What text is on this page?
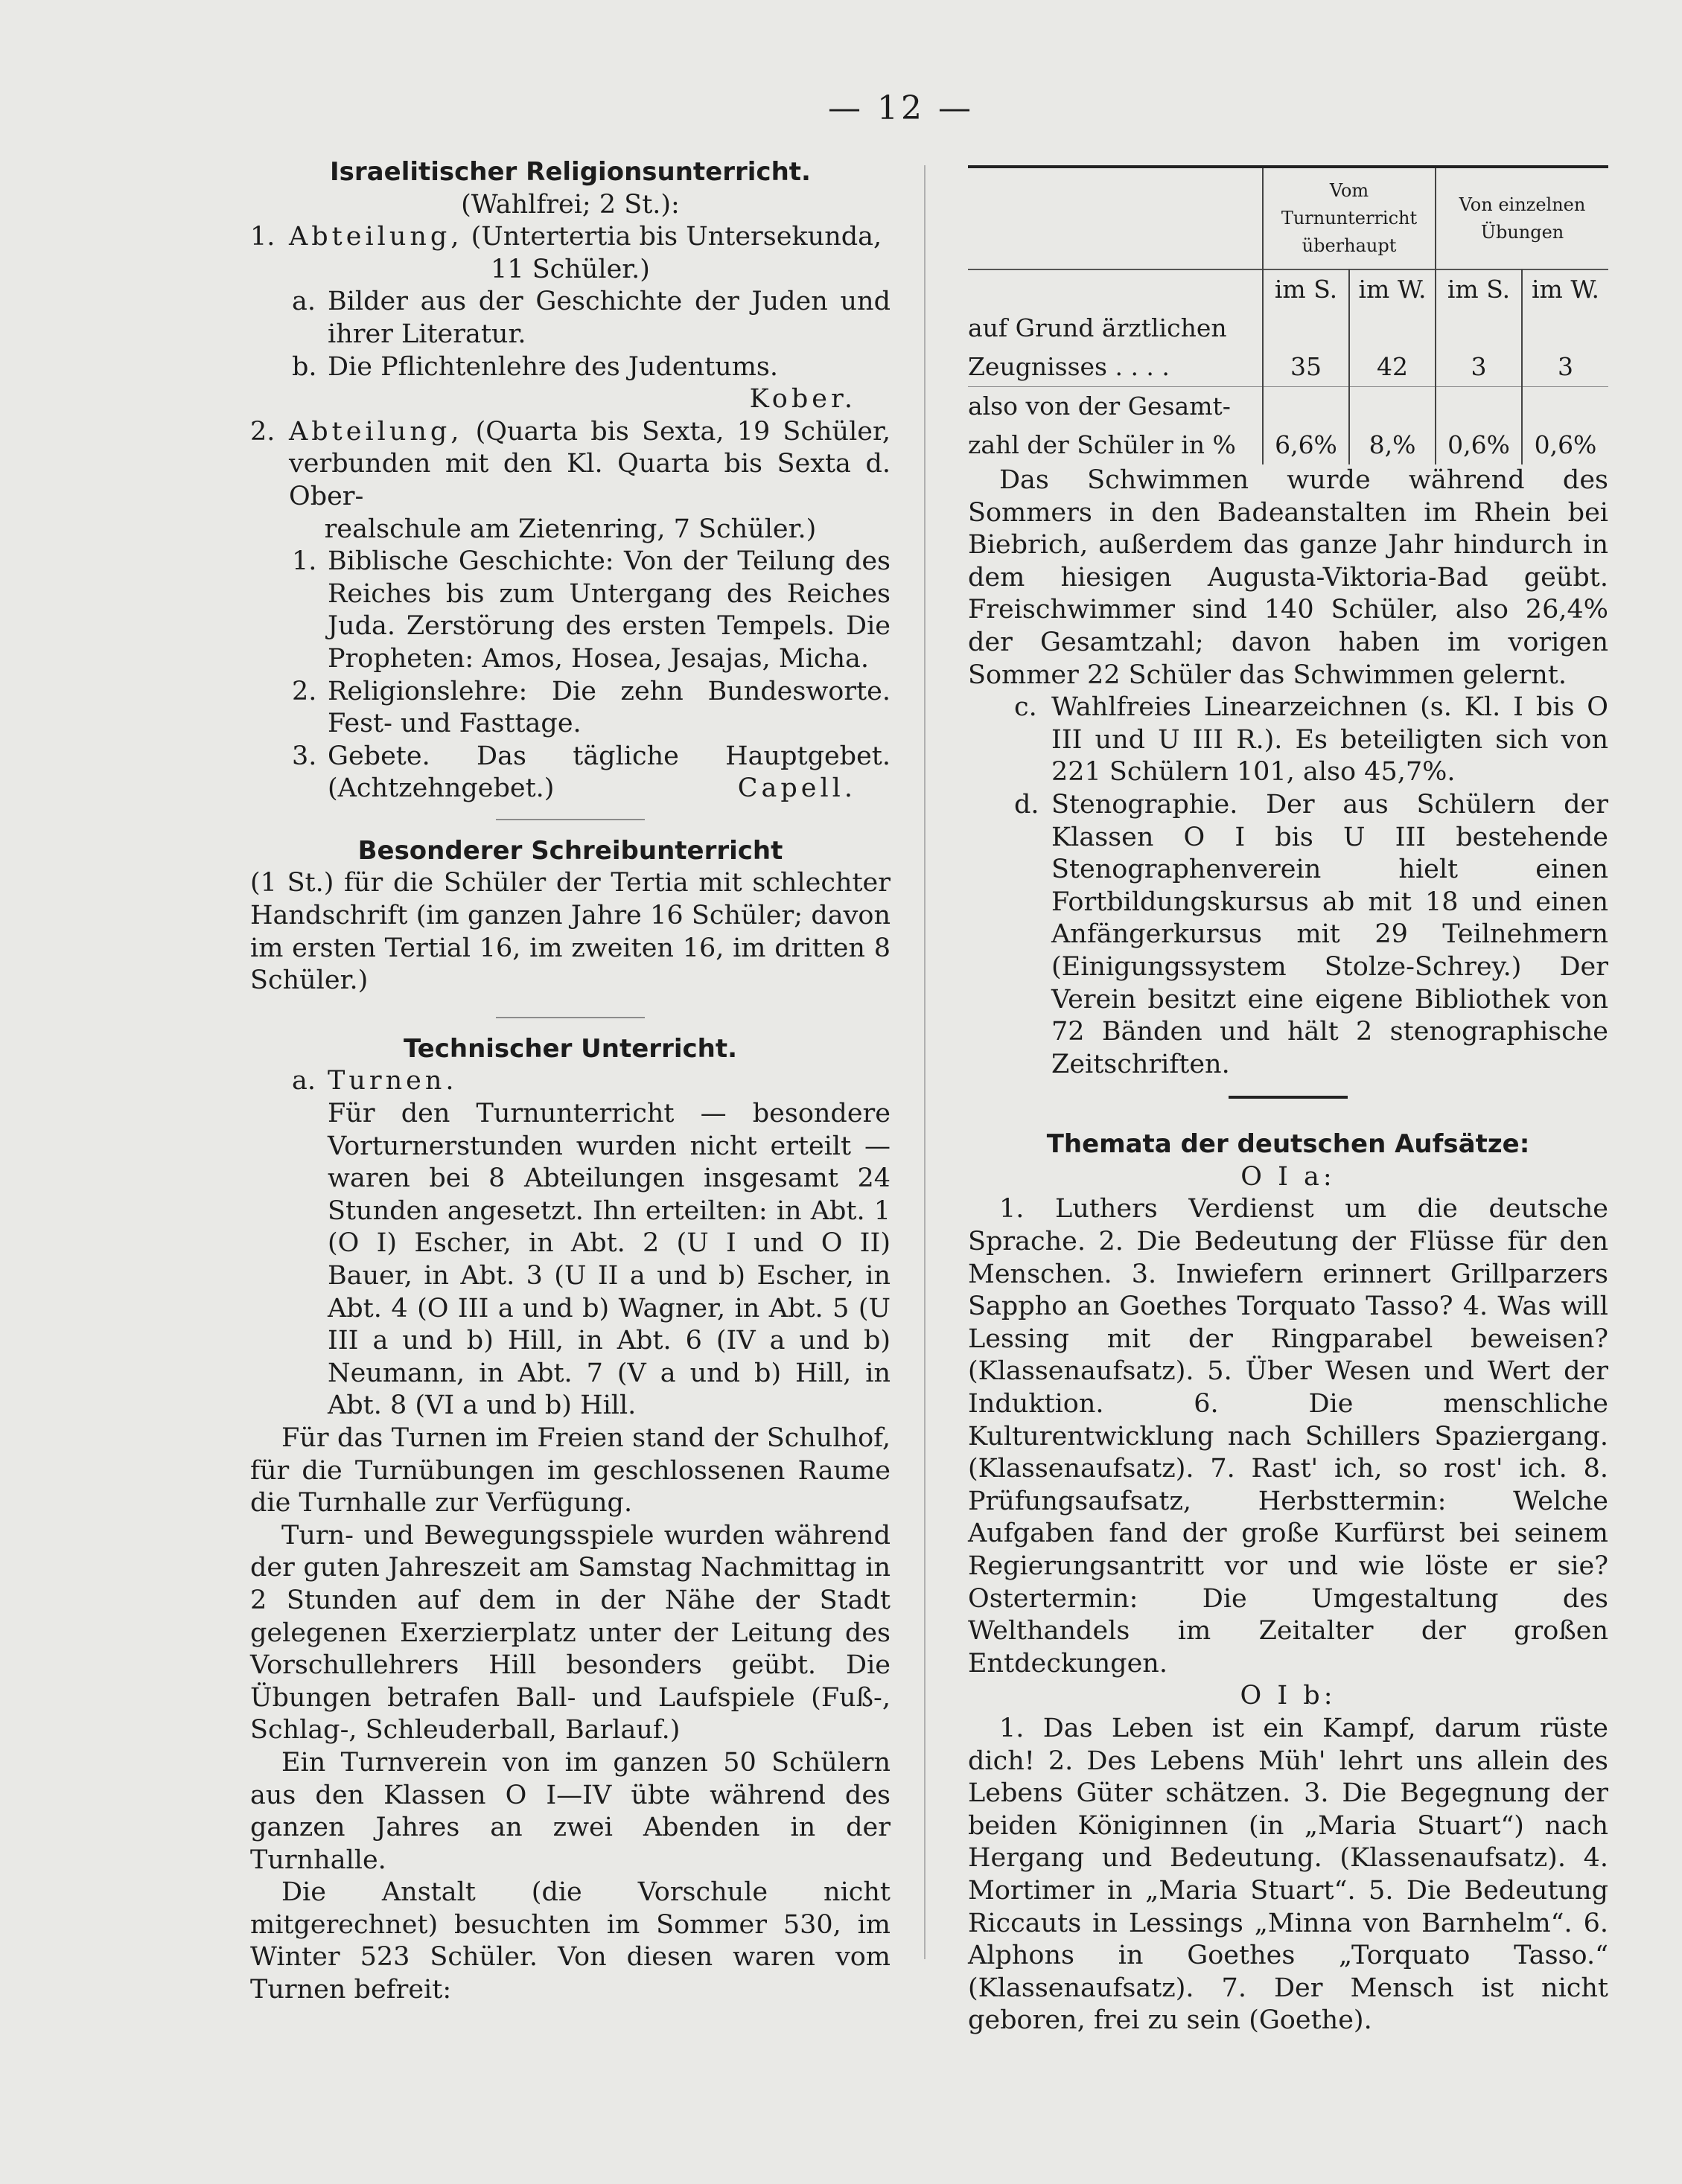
— 12 —
Israelitischer Religionsunterricht.

(Wahlfrei; 2 St.):

1. Abteilung, (Untertertia bis Untersekunda,

11 Schüler.)

a. Bilder aus der Geschichte der Juden und ihrer Literatur.
b. Die Pflichtenlehre des Judentums.

Kober.

2. Abteilung, (Quarta bis Sexta, 19 Schüler, verbunden mit den Kl. Quarta bis Sexta d. Ober-

realschule am Zietenring, 7 Schüler.)

1. Biblische Geschichte: Von der Teilung des Reiches bis zum Untergang des Reiches Juda. Zerstörung des ersten Tempels. Die Propheten: Amos, Hosea, Jesajas, Micha.
2. Religionslehre: Die zehn Bundesworte. Fest- und Fasttage.
3. Gebete. Das tägliche Hauptgebet. (Achtzehngebet.)	Capell.

Besonderer Schreibunterricht

(1 St.) für die Schüler der Tertia mit schlechter Handschrift (im ganzen Jahre 16 Schüler; davon im ersten Tertial 16, im zweiten 16, im dritten 8 Schüler.)

Technischer Unterricht.
a. Turnen.

Für den Turnunterricht — besondere Vorturnerstunden wurden nicht erteilt — waren bei 8 Abteilungen insgesamt 24 Stunden angesetzt. Ihn erteilten: in Abt. 1 (O I) Escher, in Abt. 2 (U I und O II) Bauer, in Abt. 3 (U II a und b) Escher, in Abt. 4 (O III a und b) Wagner, in Abt. 5 (U III a und b) Hill, in Abt. 6 (IV a und b) Neumann, in Abt. 7 (V a und b) Hill, in Abt. 8 (VI a und b) Hill.

Für das Turnen im Freien stand der Schulhof, für die Turnübungen im geschlossenen Raume die Turnhalle zur Verfügung.

Turn- und Bewegungsspiele wurden während der guten Jahreszeit am Samstag Nachmittag in 2 Stunden auf dem in der Nähe der Stadt gelegenen Exerzierplatz unter der Leitung des Vorschullehrers Hill besonders geübt. Die Übungen betrafen Ball- und Laufspiele (Fuß-, Schlag-, Schleuderball, Barlauf.)

Ein Turnverein von im ganzen 50 Schülern aus den Klassen O I—IV übte während des ganzen Jahres an zwei Abenden in der Turnhalle.

Die Anstalt (die Vorschule nicht mitgerechnet) besuchten im Sommer 530, im Winter 523 Schüler. Von diesen waren vom Turnen befreit:

	Vom Turnunterricht überhaupt		Von einzelnen Übungen	
	im S.	im W.	im S.	im W.
auf Grund ärztlichen				
Zeugnisses . . . .	35	42	3	3
also von der Gesamt-				
zahl der Schüler in %	6,6%	8,%	0,6%	0,6%

Das Schwimmen wurde während des Sommers in den Badeanstalten im Rhein bei Biebrich, außerdem das ganze Jahr hindurch in dem hiesigen Augusta-Viktoria-Bad geübt. Freischwimmer sind 140 Schüler, also 26,4% der Gesamtzahl; davon haben im vorigen Sommer 22 Schüler das Schwimmen gelernt.

c. Wahlfreies Linearzeichnen (s. Kl. I bis O III und U III R.). Es beteiligten sich von 221 Schülern 101, also 45,7%.
d. Stenographie. Der aus Schülern der Klassen O I bis U III bestehende Stenographenverein hielt einen Fortbildungskursus ab mit 18 und einen Anfängerkursus mit 29 Teilnehmern (Einigungssystem Stolze-Schrey.) Der Verein besitzt eine eigene Bibliothek von 72 Bänden und hält 2 stenographische Zeitschriften.
Themata der deutschen Aufsätze:

O I a:

1. Luthers Verdienst um die deutsche Sprache. 2. Die Bedeutung der Flüsse für den Menschen. 3. Inwiefern erinnert Grillparzers Sappho an Goethes Torquato Tasso? 4. Was will Lessing mit der Ringparabel beweisen? (Klassenaufsatz). 5. Über Wesen und Wert der Induktion. 6. Die menschliche Kulturentwicklung nach Schillers Spaziergang. (Klassenaufsatz). 7. Rast' ich, so rost' ich. 8. Prüfungsaufsatz, Herbsttermin: Welche Aufgaben fand der große Kurfürst bei seinem Regierungsantritt vor und wie löste er sie? Ostertermin: Die Umgestaltung des Welthandels im Zeitalter der großen Entdeckungen.

O I b:

1. Das Leben ist ein Kampf, darum rüste dich! 2. Des Lebens Müh' lehrt uns allein des Lebens Güter schätzen. 3. Die Begegnung der beiden Königinnen (in „Maria Stuart“) nach Hergang und Bedeutung. (Klassenaufsatz). 4. Mortimer in „Maria Stuart“. 5. Die Bedeutung Riccauts in Lessings „Minna von Barnhelm“. 6. Alphons in Goethes „Torquato Tasso.“ (Klassenaufsatz). 7. Der Mensch ist nicht geboren, frei zu sein (Goethe).
